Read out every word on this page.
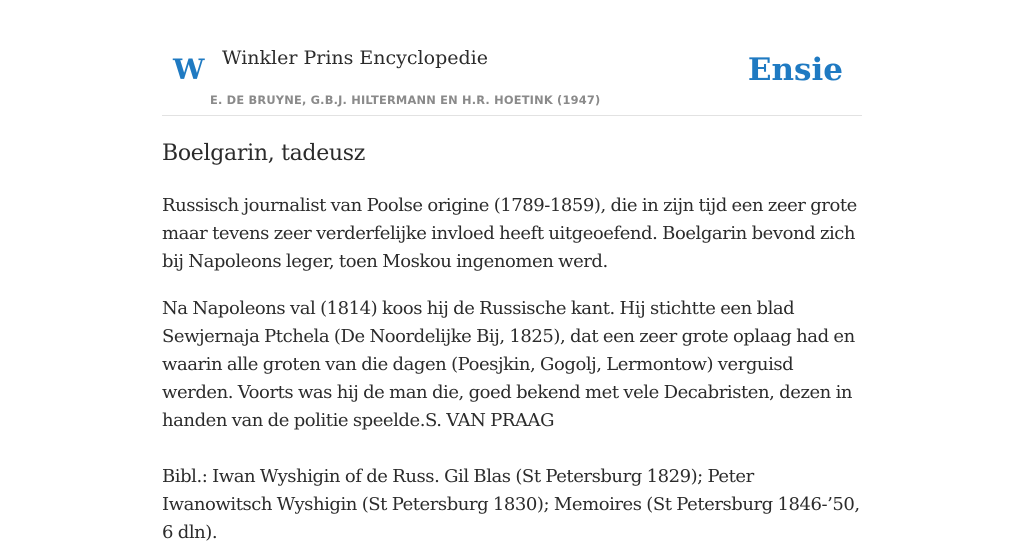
W Winkler Prins Encyclopedie
E. DE BRUYNE, G.B.J. HILTERMANN EN H.R. HOETINK (1947)
Ensie
Boelgarin, tadeusz

Russisch journalist van Poolse origine (1789-1859), die in zijn tijd een zeer grote maar tevens zeer verderfelijke invloed heeft uitgeoefend. Boelgarin bevond zich bij Napoleons leger, toen Moskou ingenomen werd.

Na Napoleons val (1814) koos hij de Russische kant. Hij stichtte een blad Sewjernaja Ptchela (De Noordelijke Bij, 1825), dat een zeer grote oplaag had en waarin alle groten van die dagen (Poesjkin, Gogolj, Lermontow) verguisd werden. Voorts was hij de man die, goed bekend met vele Decabristen, dezen in handen van de politie speelde.S. VAN PRAAG

Bibl.: Iwan Wyshigin of de Russ. Gil Blas (St Petersburg 1829); Peter Iwanowitsch Wyshigin (St Petersburg 1830); Memoires (St Petersburg 1846-’50, 6 dln).
